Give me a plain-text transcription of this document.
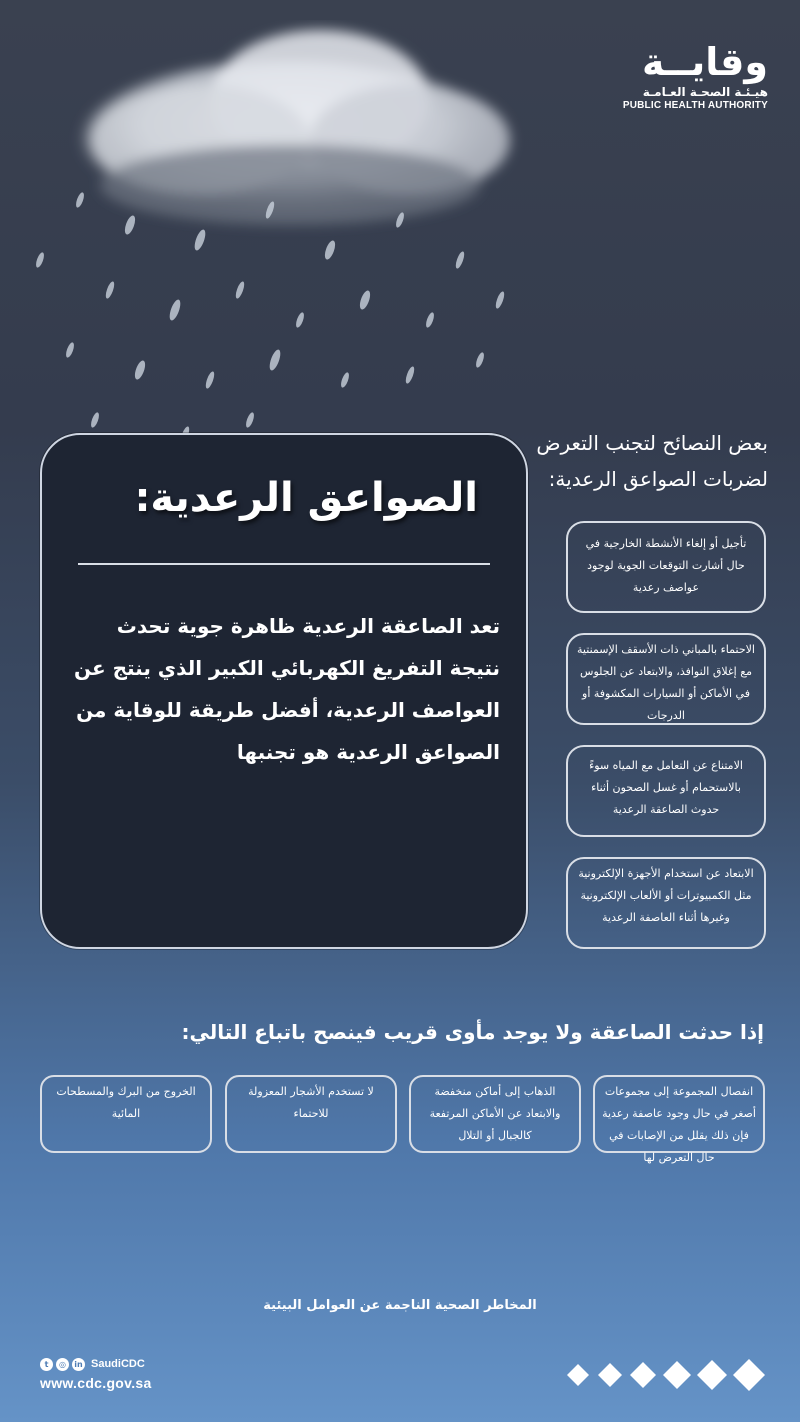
وقايــة
هيـئـة الصحـة العـامـة
PUBLIC HEALTH AUTHORITY
الصواعق الرعدية:
تعد الصاعقة الرعدية ظاهرة جوية تحدث نتيجة التفريغ الكهربائي الكبير الذي ينتج عن العواصف الرعدية، أفضل طريقة للوقاية من الصواعق الرعدية هو تجنبها
بعض النصائح لتجنب التعرض
لضربات الصواعق الرعدية:
تأجيل أو إلغاء الأنشطة الخارجية في حال أشارت التوقعات الجوية لوجود عواصف رعدية
الاحتماء بالمباني ذات الأسقف الإسمنتية مع إغلاق النوافذ، والابتعاد عن الجلوس في الأماكن أو السيارات المكشوفة أو الدرجات
الامتناع عن التعامل مع المياه سوءً بالاستحمام أو غسل الصحون أثناء حدوث الصاعقة الرعدية
الابتعاد عن استخدام الأجهزة الإلكترونية مثل الكمبيوترات أو الألعاب الإلكترونية وغيرها أثناء العاصفة الرعدية
إذا حدثت الصاعقة ولا يوجد مأوى قريب فينصح باتباع التالي:
انفصال المجموعة إلى مجموعات أصغر في حال وجود عاصفة رعدية فإن ذلك يقلل من الإصابات في حال التعرض لها
الذهاب إلى أماكن منخفضة والابتعاد عن الأماكن المرتفعة كالجبال أو التلال
لا تستخدم الأشجار المعزولة للاحتماء
الخروج من البرك والمسطحات المائية
المخاطر الصحية الناجمة عن العوامل البيئية
t	◎	in SaudiCDC
www.cdc.gov.sa
